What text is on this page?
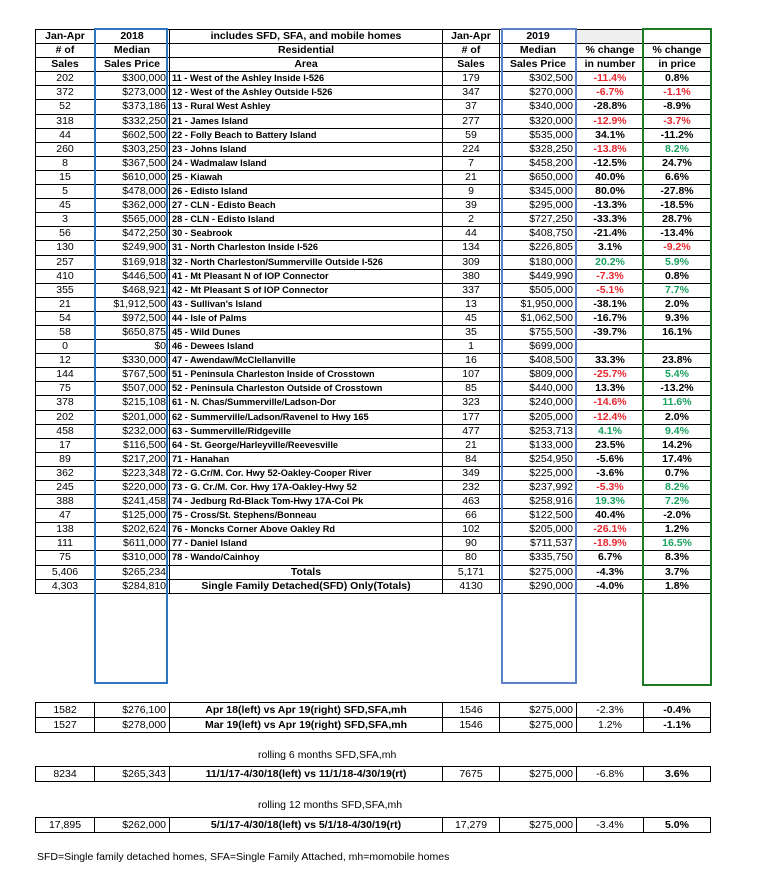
Jan-Apr	2018	includes SFD, SFA, and mobile homes	Jan-Apr	2019		
# of	Median	Residential	# of	Median	% change	% change
Sales	Sales Price	Area	Sales	Sales Price	in number	in price
202	$300,000	11 - West of the Ashley Inside I-526	179	$302,500	-11.4%	0.8%
372	$273,000	12 - West of the Ashley Outside I-526	347	$270,000	-6.7%	-1.1%
52	$373,186	13 - Rural West Ashley	37	$340,000	-28.8%	-8.9%
318	$332,250	21 - James Island	277	$320,000	-12.9%	-3.7%
44	$602,500	22 - Folly Beach to Battery Island	59	$535,000	34.1%	-11.2%
260	$303,250	23 - Johns Island	224	$328,250	-13.8%	8.2%
8	$367,500	24 - Wadmalaw Island	7	$458,200	-12.5%	24.7%
15	$610,000	25 - Kiawah	21	$650,000	40.0%	6.6%
5	$478,000	26 - Edisto Island	9	$345,000	80.0%	-27.8%
45	$362,000	27 - CLN - Edisto Beach	39	$295,000	-13.3%	-18.5%
3	$565,000	28 - CLN - Edisto Island	2	$727,250	-33.3%	28.7%
56	$472,250	30 - Seabrook	44	$408,750	-21.4%	-13.4%
130	$249,900	31 - North Charleston Inside I-526	134	$226,805	3.1%	-9.2%
257	$169,918	32 - North Charleston/Summerville Outside I-526	309	$180,000	20.2%	5.9%
410	$446,500	41 - Mt Pleasant N of IOP Connector	380	$449,990	-7.3%	0.8%
355	$468,921	42 - Mt Pleasant S of IOP Connector	337	$505,000	-5.1%	7.7%
21	$1,912,500	43 - Sullivan's Island	13	$1,950,000	-38.1%	2.0%
54	$972,500	44 - Isle of Palms	45	$1,062,500	-16.7%	9.3%
58	$650,875	45 - Wild Dunes	35	$755,500	-39.7%	16.1%
0	$0	46 - Dewees Island	1	$699,000		
12	$330,000	47 - Awendaw/McClellanville	16	$408,500	33.3%	23.8%
144	$767,500	51 - Peninsula Charleston Inside of Crosstown	107	$809,000	-25.7%	5.4%
75	$507,000	52 - Peninsula Charleston Outside of Crosstown	85	$440,000	13.3%	-13.2%
378	$215,108	61 - N. Chas/Summerville/Ladson-Dor	323	$240,000	-14.6%	11.6%
202	$201,000	62 - Summerville/Ladson/Ravenel to Hwy 165	177	$205,000	-12.4%	2.0%
458	$232,000	63 - Summerville/Ridgeville	477	$253,713	4.1%	9.4%
17	$116,500	64 - St. George/Harleyville/Reevesville	21	$133,000	23.5%	14.2%
89	$217,200	71 - Hanahan	84	$254,950	-5.6%	17.4%
362	$223,348	72 - G.Cr/M. Cor. Hwy 52-Oakley-Cooper River	349	$225,000	-3.6%	0.7%
245	$220,000	73 - G. Cr./M. Cor. Hwy 17A-Oakley-Hwy 52	232	$237,992	-5.3%	8.2%
388	$241,458	74 - Jedburg Rd-Black Tom-Hwy 17A-Col Pk	463	$258,916	19.3%	7.2%
47	$125,000	75 - Cross/St. Stephens/Bonneau	66	$122,500	40.4%	-2.0%
138	$202,624	76 - Moncks Corner Above Oakley Rd	102	$205,000	-26.1%	1.2%
111	$611,000	77 - Daniel Island	90	$711,537	-18.9%	16.5%
75	$310,000	78 - Wando/Cainhoy	80	$335,750	6.7%	8.3%
5,406	$265,234	Totals	5,171	$275,000	-4.3%	3.7%
4,303	$284,810	Single Family Detached(SFD) Only(Totals)	4130	$290,000	-4.0%	1.8%
1582	$276,100	Apr 18(left) vs Apr 19(right) SFD,SFA,mh	1546	$275,000	-2.3%	-0.4%
1527	$278,000	Mar 19(left) vs Apr 19(right) SFD,SFA,mh	1546	$275,000	1.2%	-1.1%
rolling 6 months SFD,SFA,mh
8234	$265,343	11/1/17-4/30/18(left) vs 11/1/18-4/30/19(rt)	7675	$275,000	-6.8%	3.6%
rolling 12 months SFD,SFA,mh
17,895	$262,000	5/1/17-4/30/18(left) vs 5/1/18-4/30/19(rt)	17,279	$275,000	-3.4%	5.0%
SFD=Single family detached homes, SFA=Single Family Attached, mh=momobile homes
